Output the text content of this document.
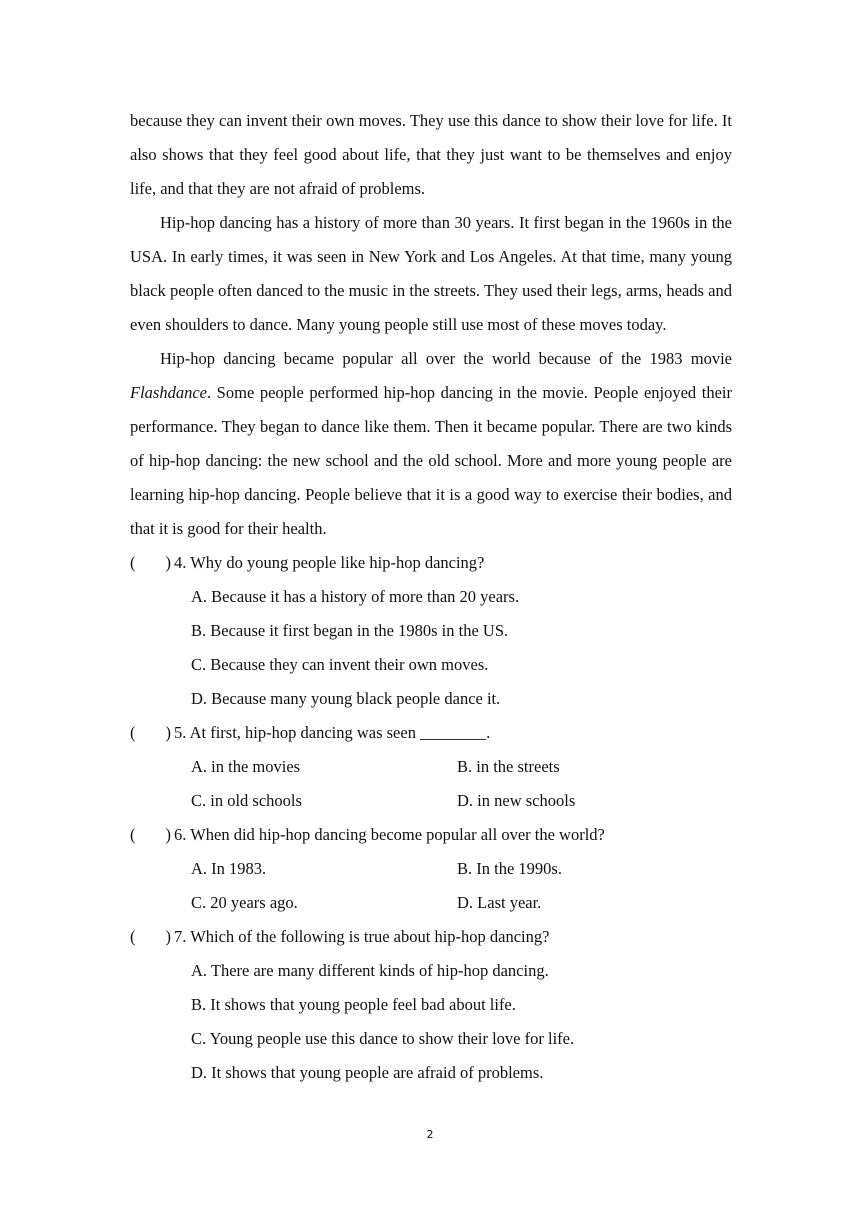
because they can invent their own moves. They use this dance to show their love for life. It also shows that they feel good about life, that they just want to be themselves and enjoy life, and that they are not afraid of problems.

Hip-hop dancing has a history of more than 30 years. It first began in the 1960s in the USA. In early times, it was seen in New York and Los Angeles. At that time, many young black people often danced to the music in the streets. They used their legs, arms, heads and even shoulders to dance. Many young people still use most of these moves today.

Hip-hop dancing became popular all over the world because of the 1983 movie Flashdance. Some people performed hip-hop dancing in the movie. People enjoyed their performance. They began to dance like them. Then it became popular. There are two kinds of hip-hop dancing: the new school and the old school. More and more young people are learning hip-hop dancing. People believe that it is a good way to exercise their bodies, and that it is good for their health.

( ) 4. Why do young people like hip-hop dancing?
A. Because it has a history of more than 20 years.
B. Because it first began in the 1980s in the US.
C. Because they can invent their own moves.
D. Because many young black people dance it.
( ) 5. At first, hip-hop dancing was seen ________.
A. in the movies	B. in the streets
C. in old schools	D. in new schools
( ) 6. When did hip-hop dancing become popular all over the world?
A. In 1983.	B. In the 1990s.
C. 20 years ago.	D. Last year.
( ) 7. Which of the following is true about hip-hop dancing?
A. There are many different kinds of hip-hop dancing.
B. It shows that young people feel bad about life.
C. Young people use this dance to show their love for life.
D. It shows that young people are afraid of problems.
2
